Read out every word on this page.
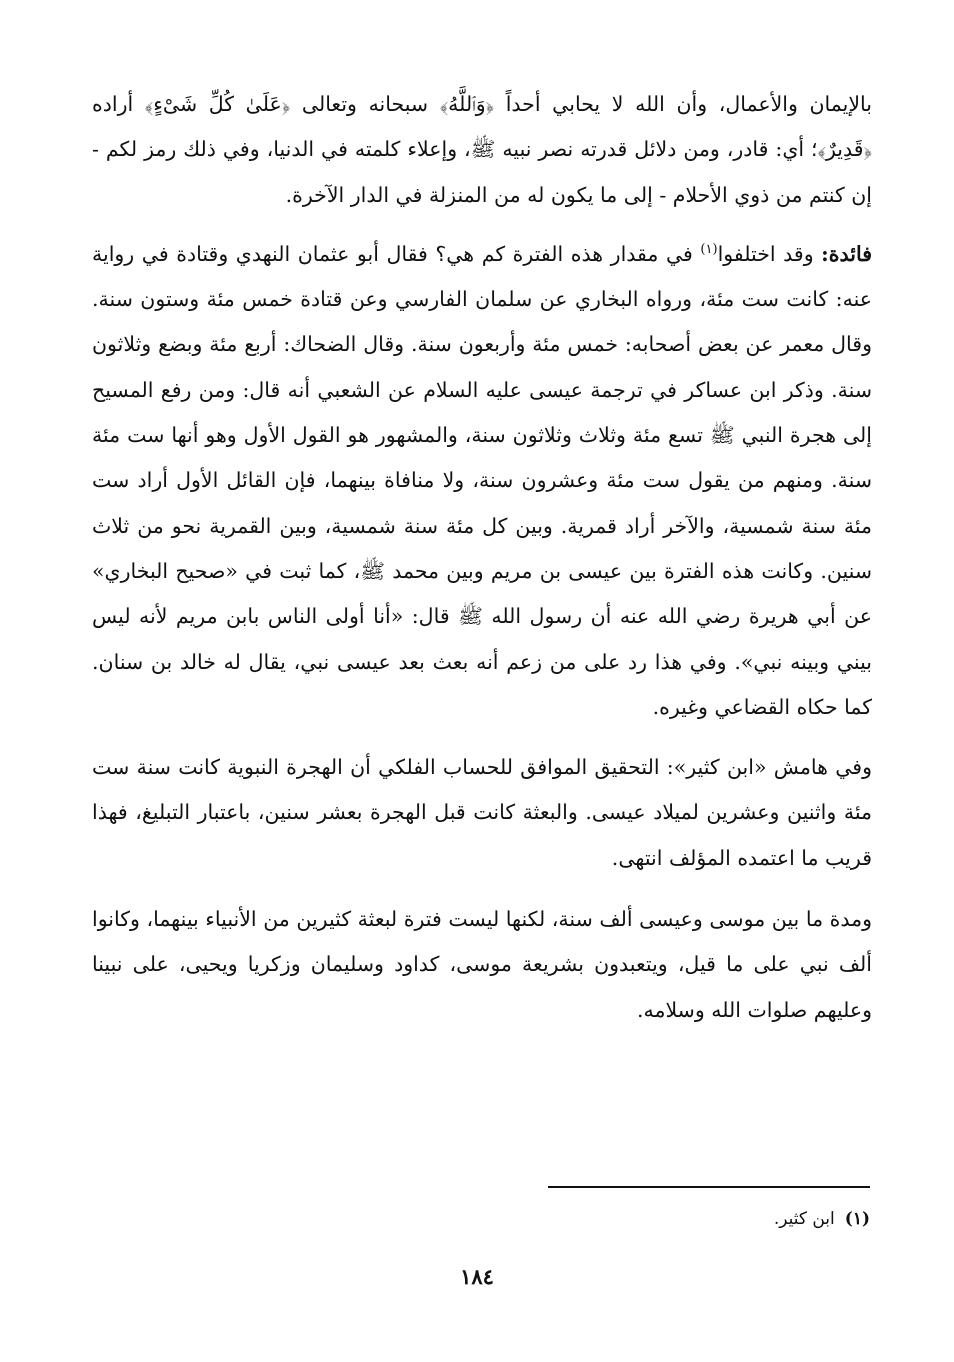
بالإيمان والأعمال، وأن الله لا يحابي أحداً ﴿وَٱللَّهُ﴾ سبحانه وتعالى ﴿عَلَىٰ كُلِّ شَىْءٍ﴾ أراده ﴿قَدِيرٌ﴾؛ أي: قادر، ومن دلائل قدرته نصر نبيه ﷺ، وإعلاء كلمته في الدنيا، وفي ذلك رمز لكم - إن كنتم من ذوي الأحلام - إلى ما يكون له من المنزلة في الدار الآخرة.

فائدة: وقد اختلفوا$^{(١)}$ في مقدار هذه الفترة كم هي؟ فقال أبو عثمان النهدي وقتادة في رواية عنه: كانت ست مئة، ورواه البخاري عن سلمان الفارسي وعن قتادة خمس مئة وستون سنة. وقال معمر عن بعض أصحابه: خمس مئة وأربعون سنة. وقال الضحاك: أربع مئة وبضع وثلاثون سنة. وذكر ابن عساكر في ترجمة عيسى عليه السلام عن الشعبي أنه قال: ومن رفع المسيح إلى هجرة النبي ﷺ تسع مئة وثلاث وثلاثون سنة، والمشهور هو القول الأول وهو أنها ست مئة سنة. ومنهم من يقول ست مئة وعشرون سنة، ولا منافاة بينهما، فإن القائل الأول أراد ست مئة سنة شمسية، والآخر أراد قمرية. وبين كل مئة سنة شمسية، وبين القمرية نحو من ثلاث سنين. وكانت هذه الفترة بين عيسى بن مريم وبين محمد ﷺ، كما ثبت في «صحيح البخاري» عن أبي هريرة رضي الله عنه أن رسول الله ﷺ قال: «أنا أولى الناس بابن مريم لأنه ليس بيني وبينه نبي». وفي هذا رد على من زعم أنه بعث بعد عيسى نبي، يقال له خالد بن سنان. كما حكاه القضاعي وغيره.

وفي هامش «ابن كثير»: التحقيق الموافق للحساب الفلكي أن الهجرة النبوية كانت سنة ست مئة واثنين وعشرين لميلاد عيسى. والبعثة كانت قبل الهجرة بعشر سنين، باعتبار التبليغ، فهذا قريب ما اعتمده المؤلف انتهى.

ومدة ما بين موسى وعيسى ألف سنة، لكنها ليست فترة لبعثة كثيرين من الأنبياء بينهما، وكانوا ألف نبي على ما قيل، ويتعبدون بشريعة موسى، كداود وسليمان وزكريا ويحيى، على نبينا وعليهم صلوات الله وسلامه.

(١)ابن كثير.
١٨٤
